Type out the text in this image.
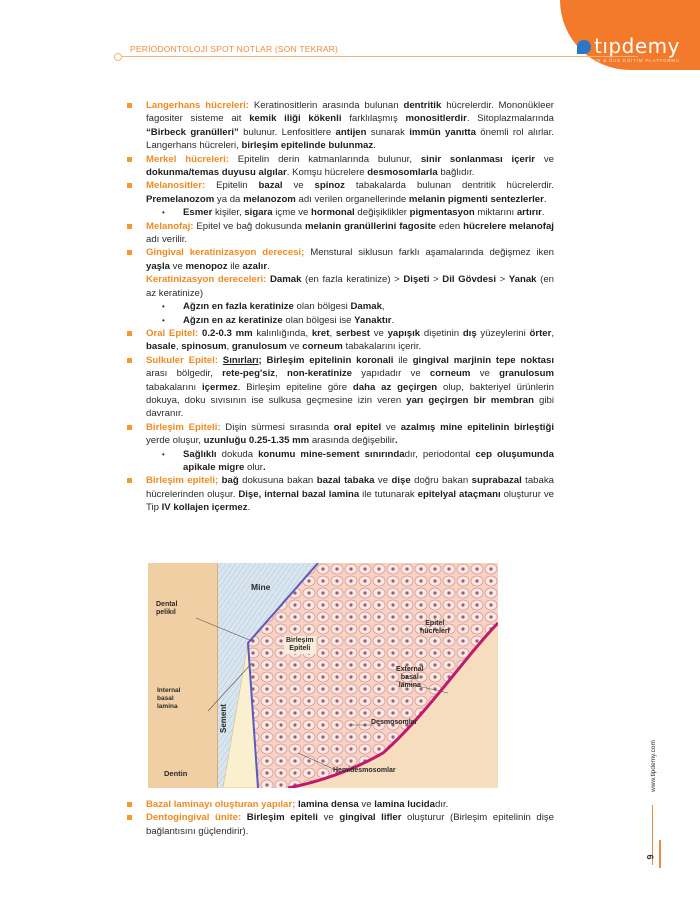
tıpdemy
TUS & DUS EĞİTİM PLATFORMU
PERİODONTOLOJİ SPOT NOTLAR (SON TEKRAR)

Langerhans hücreleri: Keratinositlerin arasında bulunan dentritik hücrelerdir. Mononükleer fagositer sisteme ait kemik iliği kökenli farklılaşmış monositlerdir. Sitoplazmalarında “Birbeck granülleri” bulunur. Lenfositlere antijen sunarak immün yanıtta önemli rol alırlar. Langerhans hücreleri, birleşim epitelinde bulunmaz.

Merkel hücreleri: Epitelin derin katmanlarında bulunur, sinir sonlanması içerir ve dokunma/temas duyusu algılar. Komşu hücrelere desmosomlarla bağlıdır.

Melanositler: Epitelin bazal ve spinoz tabakalarda bulunan dentritik hücrelerdir. Premelanozom ya da melanozom adı verilen organellerinde melanin pigmenti sentezlerler.

• Esmer kişiler, sigara içme ve hormonal değişiklikler pigmentasyon miktarını artırır.

Melanofaj: Epitel ve bağ dokusunda melanin granüllerini fagosite eden hücrelere melanofaj adı verilir.

Gingival keratinizasyon derecesi; Menstural siklusun farklı aşamalarında değişmez iken yaşla ve menopoz ile azalır.

Keratinizasyon dereceleri: Damak (en fazla keratinize) > Dişeti > Dil Gövdesi > Yanak (en az keratinize)

• Ağzın en fazla keratinize olan bölgesi Damak,

• Ağzın en az keratinize olan bölgesi ise Yanaktır.

Oral Epitel: 0.2-0.3 mm kalınlığında, kret, serbest ve yapışık dişetinin dış yüzeylerini örter, basale, spinosum, granulosum ve corneum tabakalarını içerir.

Sulkuler Epitel: Sınırları; Birleşim epitelinin koronali ile gingival marjinin tepe noktası arası bölgedir, rete-peg'siz, non-keratinize yapıdadır ve corneum ve granulosum tabakalarını içermez. Birleşim epiteline göre daha az geçirgen olup, bakteriyel ürünlerin dokuya, doku sıvısının ise sulkusa geçmesine izin veren yarı geçirgen bir membran gibi davranır.

Birleşim Epiteli: Dişin sürmesi sırasında oral epitel ve azalmış mine epitelinin birleştiği yerde oluşur, uzunluğu 0.25-1.35 mm arasında değişebilir.

• Sağlıklı dokuda konumu mine-sement sınırındadır, periodontal cep oluşumunda apikale migre olur.

Birleşim epiteli; bağ dokusuna bakan bazal tabaka ve dişe doğru bakan suprabazal tabaka hücrelerinden oluşur. Dişe, internal bazal lamina ile tutunarak epitelyal ataçmanı oluşturur ve Tip IV kollajen içermez.

Mine
Dental
pelikıl
Birleşim
Epiteli
Epitel
hücreleri
External
basal
lamina
Internal
basal
lamina
Desmosomlar
Sement
Dentin	Hemidesmosomlar

Bazal laminayı oluşturan yapılar; lamina densa ve lamina lucidadır.

Dentogingival ünite: Birleşim epiteli ve gingival lifler oluşturur (Birleşim epitelinin dişe bağlantısını güçlendirir).

www.tipdemy.com
9
